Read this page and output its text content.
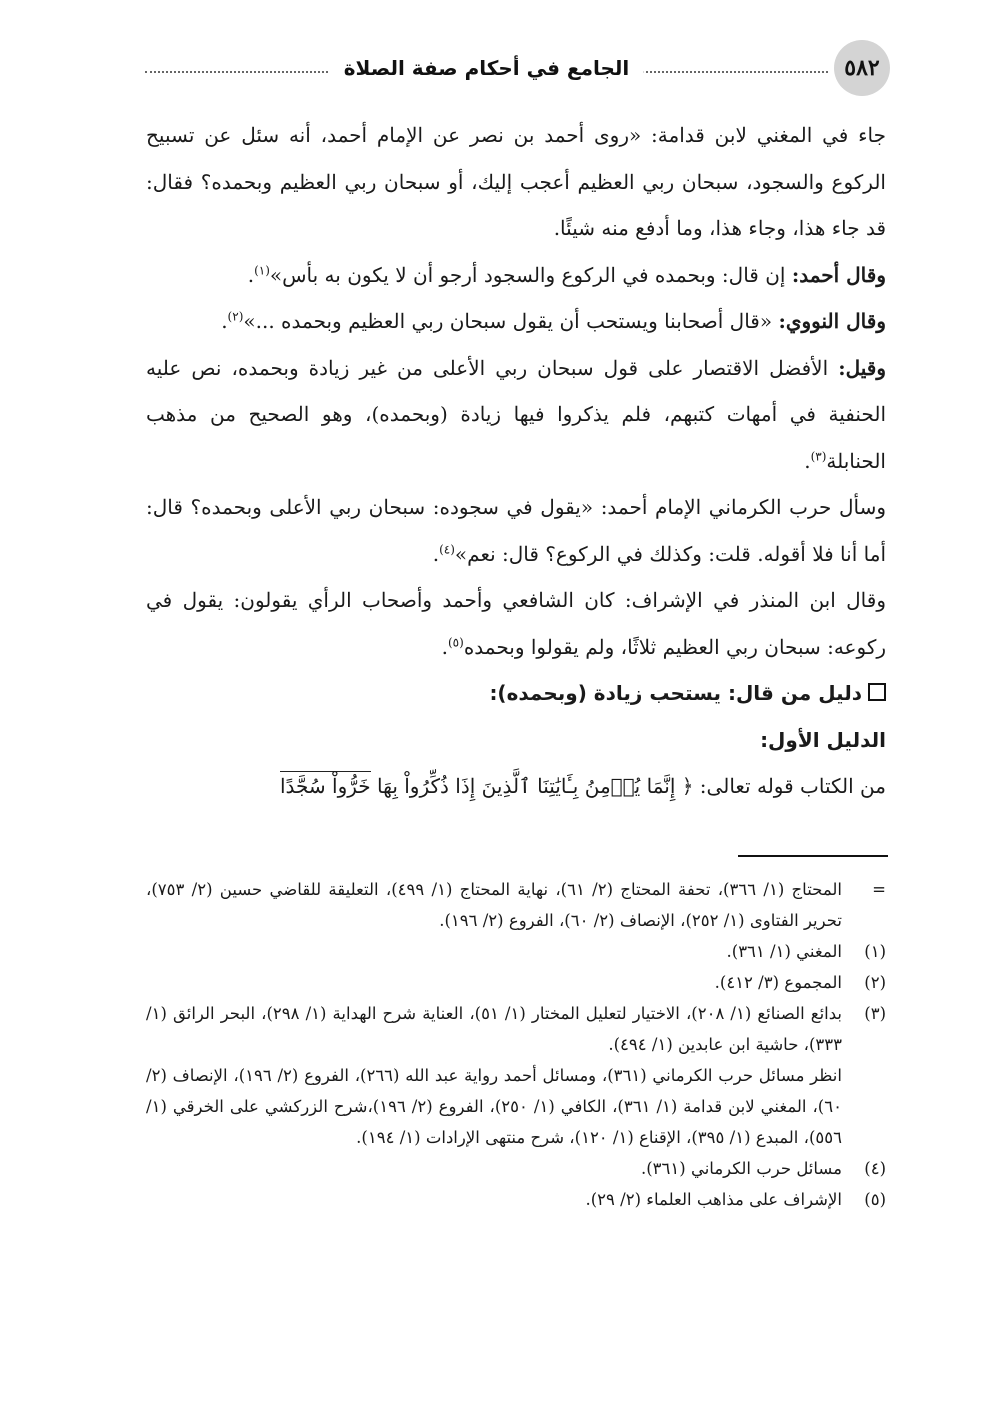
٥٨٢
الجامع في أحكام صفة الصلاة

جاء في المغني لابن قدامة: «روى أحمد بن نصر عن الإمام أحمد، أنه سئل عن تسبيح الركوع والسجود، سبحان ربي العظيم أعجب إليك، أو سبحان ربي العظيم وبحمده؟ فقال: قد جاء هذا، وجاء هذا، وما أدفع منه شيئًا.

وقال أحمد: إن قال: وبحمده في الركوع والسجود أرجو أن لا يكون به بأس»$^{(١)}$.

وقال النووي: «قال أصحابنا ويستحب أن يقول سبحان ربي العظيم وبحمده ...»$^{(٢)}$.

وقيل: الأفضل الاقتصار على قول سبحان ربي الأعلى من غير زيادة وبحمده، نص عليه الحنفية في أمهات كتبهم، فلم يذكروا فيها زيادة (وبحمده)، وهو الصحيح من مذهب الحنابلة$^{(٣)}$.

وسأل حرب الكرماني الإمام أحمد: «يقول في سجوده: سبحان ربي الأعلى وبحمده؟ قال: أما أنا فلا أقوله. قلت: وكذلك في الركوع؟ قال: نعم»$^{(٤)}$.

وقال ابن المنذر في الإشراف: كان الشافعي وأحمد وأصحاب الرأي يقولون: يقول في ركوعه: سبحان ربي العظيم ثلاثًا، ولم يقولوا وبحمده$^{(٥)}$.

دليل من قال: يستحب زيادة (وبحمده):

الدليل الأول:

من الكتاب قوله تعالى: ﴿ إِنَّمَا يُؤۡمِنُ بِـَٔايَٰتِنَا ٱلَّذِينَ إِذَا ذُكِّرُواْ بِهَا خَرُّواْ سُجَّدًا

=
المحتاج (١/ ٣٦٦)، تحفة المحتاج (٢/ ٦١)، نهاية المحتاج (١/ ٤٩٩)، التعليقة للقاضي حسين (٢/ ٧٥٣)، تحرير الفتاوى (١/ ٢٥٢)، الإنصاف (٢/ ٦٠)، الفروع (٢/ ١٩٦).
(١)
المغني (١/ ٣٦١).
(٢)
المجموع (٣/ ٤١٢).
(٣)
بدائع الصنائع (١/ ٢٠٨)، الاختيار لتعليل المختار (١/ ٥١)، العناية شرح الهداية (١/ ٢٩٨)، البحر الرائق (١/ ٣٣٣)، حاشية ابن عابدين (١/ ٤٩٤).
انظر مسائل حرب الكرماني (٣٦١)، ومسائل أحمد رواية عبد الله (٢٦٦)، الفروع (٢/ ١٩٦)، الإنصاف (٢/ ٦٠)، المغني لابن قدامة (١/ ٣٦١)، الكافي (١/ ٢٥٠)، الفروع (٢/ ١٩٦)،شرح الزركشي على الخرقي (١/ ٥٥٦)، المبدع (١/ ٣٩٥)، الإقناع (١/ ١٢٠)، شرح منتهى الإرادات (١/ ١٩٤).
(٤)
مسائل حرب الكرماني (٣٦١).
(٥)
الإشراف على مذاهب العلماء (٢/ ٢٩).
